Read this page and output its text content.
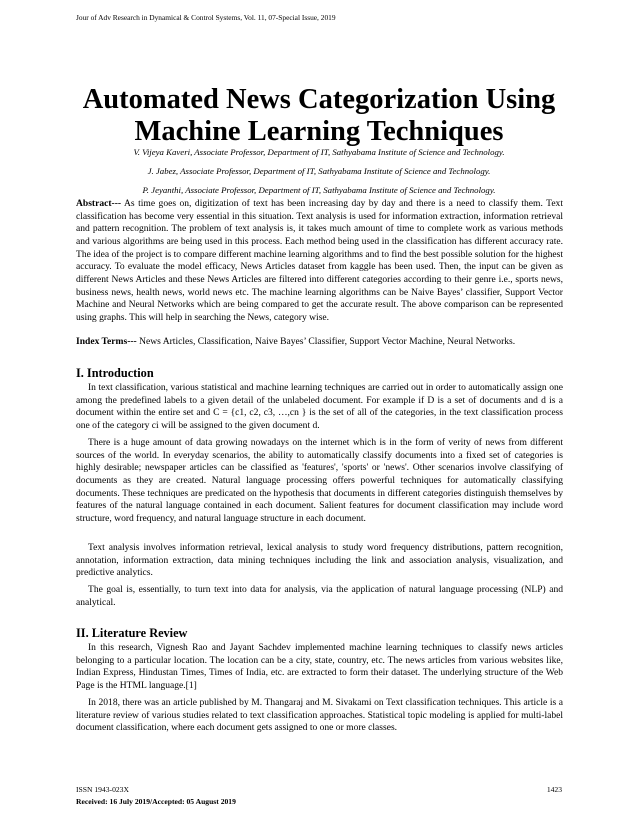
Jour of Adv Research in Dynamical & Control Systems, Vol. 11, 07-Special Issue, 2019
Automated News Categorization Using
Machine Learning Techniques
V. Vijeya Kaveri, Associate Professor, Department of IT, Sathyabama Institute of Science and Technology.
J. Jabez, Associate Professor, Department of IT, Sathyabama Institute of Science and Technology.
P. Jeyanthi, Associate Professor, Department of IT, Sathyabama Institute of Science and Technology.

Abstract--- As time goes on, digitization of text has been increasing day by day and there is a need to classify them. Text classification has become very essential in this situation. Text analysis is used for information extraction, information retrieval and pattern recognition. The problem of text analysis is, it takes much amount of time to complete work as various methods and various algorithms are being used in this process. Each method being used in the classification has different accuracy rate. The idea of the project is to compare different machine learning algorithms and to find the best possible solution for the highest accuracy. To evaluate the model efficacy, News Articles dataset from kaggle has been used. Then, the input can be given as different News Articles and these News Articles are filtered into different categories according to their genre i.e., sports news, business news, health news, world news etc. The machine learning algorithms can be Naive Bayes’ classifier, Support Vector Machine and Neural Networks which are being compared to get the accurate result. The above comparison can be represented using graphs. This will help in searching the News, category wise.

Index Terms--- News Articles, Classification, Naive Bayes’ Classifier, Support Vector Machine, Neural Networks.

I. Introduction

In text classification, various statistical and machine learning techniques are carried out in order to automatically assign one among the predefined labels to a given detail of the unlabeled document. For example if D is a set of documents and d is a document within the entire set and C = {c1, c2, c3, …,cn } is the set of all of the categories, in the text classification process one of the category ci will be assigned to the given document d.

There is a huge amount of data growing nowadays on the internet which is in the form of verity of news from different sources of the world. In everyday scenarios, the ability to automatically classify documents into a fixed set of categories is highly desirable; newspaper articles can be classified as 'features', 'sports' or 'news'. Other scenarios involve classifying of documents as they are created. Natural language processing offers powerful techniques for automatically classifying documents. These techniques are predicated on the hypothesis that documents in different categories distinguish themselves by features of the natural language contained in each document. Salient features for document classification may include word structure, word frequency, and natural language structure in each document.

Text analysis involves information retrieval, lexical analysis to study word frequency distributions, pattern recognition, annotation, information extraction, data mining techniques including the link and association analysis, visualization, and predictive analytics.

The goal is, essentially, to turn text into data for analysis, via the application of natural language processing (NLP) and analytical.

II. Literature Review

In this research, Vignesh Rao and Jayant Sachdev implemented machine learning techniques to classify news articles belonging to a particular location. The location can be a city, state, country, etc. The news articles from various websites like, Indian Express, Hindustan Times, Times of India, etc. are extracted to form their dataset. The underlying structure of the Web Page is the HTML language.[1]

In 2018, there was an article published by M. Thangaraj and M. Sivakami on Text classification techniques. This article is a literature review of various studies related to text classification approaches. Statistical topic modeling is applied for multi-label document classification, where each document gets assigned to one or more classes.

ISSN 1943-023X
Received: 16 July 2019/Accepted: 05 August 2019
1423
